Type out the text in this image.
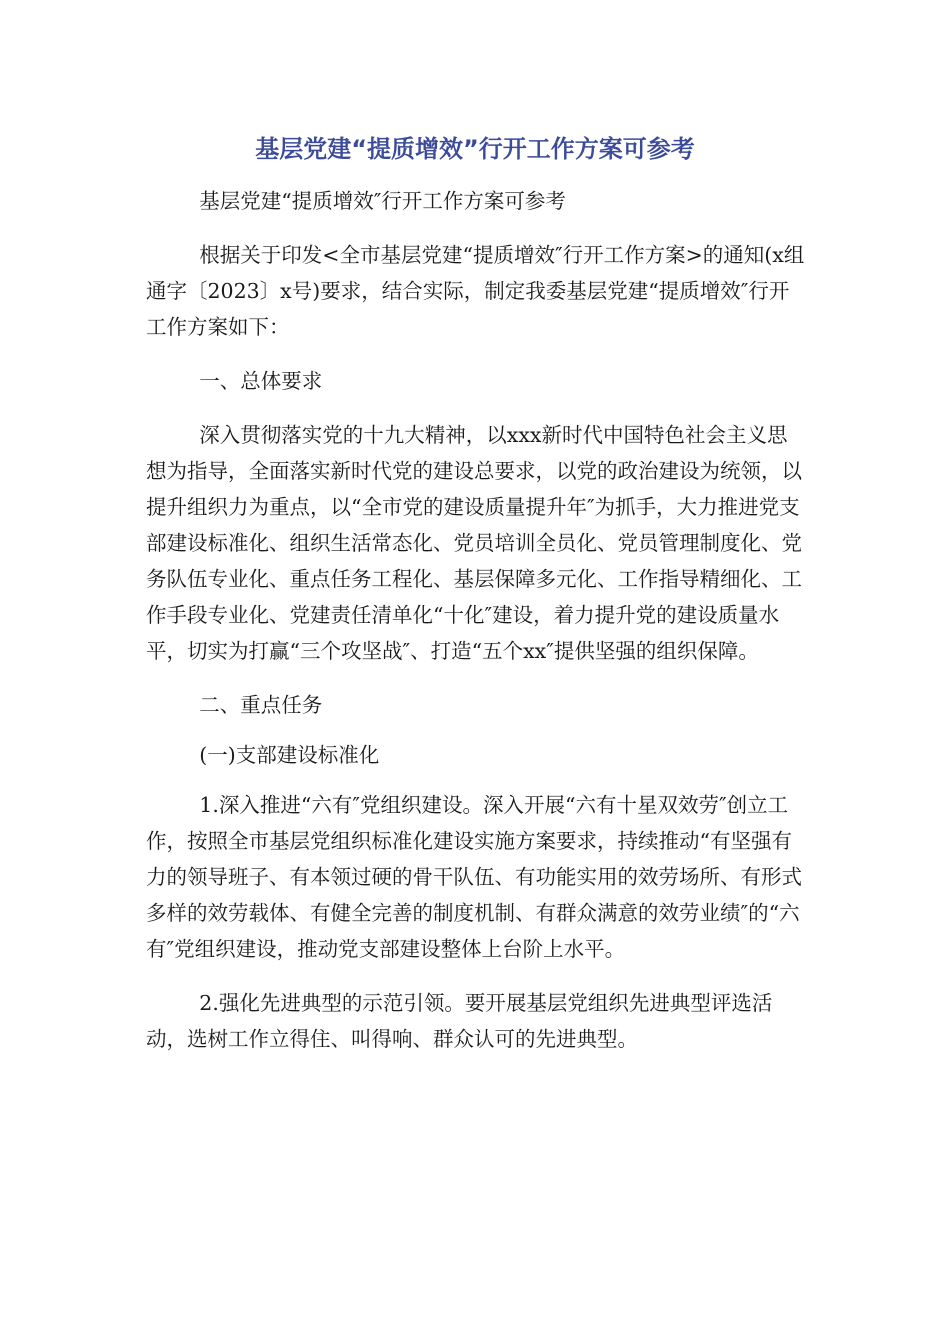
基层党建“提质增效”行开工作方案可参考

基层党建“提质增效″行开工作方案可参考

根据关于印发<全市基层党建“提质增效″行开工作方案>的通知(x组通字〔2023〕x号)要求，结合实际，制定我委基层党建“提质增效″行开工作方案如下：

一、总体要求

深入贯彻落实党的十九大精神，以xxx新时代中国特色社会主义思想为指导，全面落实新时代党的建设总要求，以党的政治建设为统领，以提升组织力为重点，以“全市党的建设质量提升年″为抓手，大力推进党支部建设标准化、组织生活常态化、党员培训全员化、党员管理制度化、党务队伍专业化、重点任务工程化、基层保障多元化、工作指导精细化、工作手段专业化、党建责任清单化“十化″建设，着力提升党的建设质量水平，切实为打赢“三个攻坚战″、打造“五个xx″提供坚强的组织保障。

二、重点任务

(一)支部建设标准化

1.深入推进“六有″党组织建设。深入开展“六有十星双效劳″创立工作，按照全市基层党组织标准化建设实施方案要求，持续推动“有坚强有力的领导班子、有本领过硬的骨干队伍、有功能实用的效劳场所、有形式多样的效劳载体、有健全完善的制度机制、有群众满意的效劳业绩″的“六有″党组织建设，推动党支部建设整体上台阶上水平。

2.强化先进典型的示范引领。要开展基层党组织先进典型评选活动，选树工作立得住、叫得响、群众认可的先进典型。
